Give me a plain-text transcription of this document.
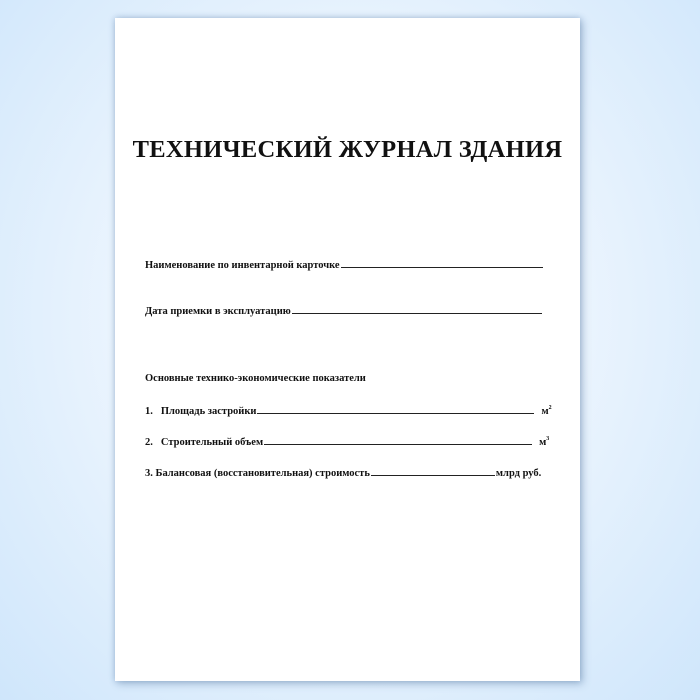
ТЕХНИЧЕСКИЙ ЖУРНАЛ ЗДАНИЯ
Наименование по инвентарной карточке
Дата приемки в эксплуатацию
Основные технико-экономические показатели
1. Площадь застройки	$м^2$
2. Строительный объем	$м^3$
3. Балансовая (восстановительная) строимость	млрд руб.
